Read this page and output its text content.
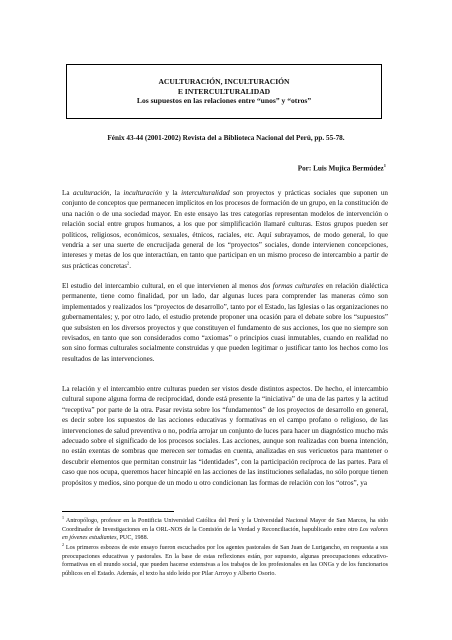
ACULTURACIÓN, INCULTURACIÓN
E INTERCULTURALIDAD
Los supuestos en las relaciones entre “unos” y “otros”
Fénix 43-44 (2001-2002) Revista del a Biblioteca Nacional del Perú, pp. 55-78.
Por: Luis Mujica Bermúdez$^1$

La aculturación, la inculturación y la interculturalidad son proyectos y prácticas sociales que suponen un conjunto de conceptos que permanecen implícitos en los procesos de formación de un grupo, en la constitución de una nación o de una sociedad mayor. En este ensayo las tres categorías representan modelos de intervención o relación social entre grupos humanos, a los que por simplificación llamaré culturas. Estos grupos pueden ser políticos, religiosos, económicos, sexuales, étnicos, raciales, etc. Aquí subrayamos, de modo general, lo que vendría a ser una suerte de encrucijada general de los “proyectos” sociales, donde intervienen concepciones, intereses y metas de los que interactúan, en tanto que participan en un mismo proceso de intercambio a partir de sus prácticas concretas$^2$.

El estudio del intercambio cultural, en el que intervienen al menos dos formas culturales en relación dialéctica permanente, tiene como finalidad, por un lado, dar algunas luces para comprender las maneras cómo son implementados y realizados los “proyectos de desarrollo”, tanto por el Estado, las Iglesias o las organizaciones no gubernamentales; y, por otro lado, el estudio pretende proponer una ocasión para el debate sobre los “supuestos” que subsisten en los diversos proyectos y que constituyen el fundamento de sus acciones, los que no siempre son revisados, en tanto que son considerados como “axiomas” o principios cuasi inmutables, cuando en realidad no son sino formas culturales socialmente construidas y que pueden legitimar o justificar tanto los hechos como los resultados de las intervenciones.

La relación y el intercambio entre culturas pueden ser vistos desde distintos aspectos. De hecho, el intercambio cultural supone alguna forma de reciprocidad, donde está presente la “iniciativa” de una de las partes y la actitud “receptiva” por parte de la otra. Pasar revista sobre los “fundamentos” de los proyectos de desarrollo en general, es decir sobre los supuestos de las acciones educativas y formativas en el campo profano o religioso, de las intervenciones de salud preventiva o no, podría arrojar un conjunto de luces para hacer un diagnóstico mucho más adecuado sobre el significado de los procesos sociales. Las acciones, aunque son realizadas con buena intención, no están exentas de sombras que merecen ser tomadas en cuenta, analizadas en sus vericuetos para mantener o descubrir elementos que permitan construir las “identidades”, con la participación recíproca de las partes. Para el caso que nos ocupa, queremos hacer hincapié en las acciones de las instituciones señaladas, no sólo porque tienen propósitos y medios, sino porque de un modo u otro condicionan las formas de relación con los “otros”, ya

$^1$ Antropólogo, profesor en la Pontificia Universidad Católica del Perú y la Universidad Nacional Mayor de San Marcos, ha sido Coordinador de Investigaciones en la ORL-NOS de la Comisión de la Verdad y Reconciliación, hapublicado entre otro Los valores en jóvenes estudiantes, PUC, 1988.

$^2$ Los primeros esbozos de este ensayo fueron escuchados por los agentes pastorales de San Juan de Lurigancho, en respuesta a sus preocupaciones educativas y pastorales. En la base de estas reflexiones están, por supuesto, algunas preocupaciones educativo-formativas en el mundo social, que pueden hacerse extensivas a los trabajos de los profesionales en las ONGs y de los funcionarios públicos en el Estado. Además, el texto ha sido leído por Pilar Arroyo y Alberto Osorio.
